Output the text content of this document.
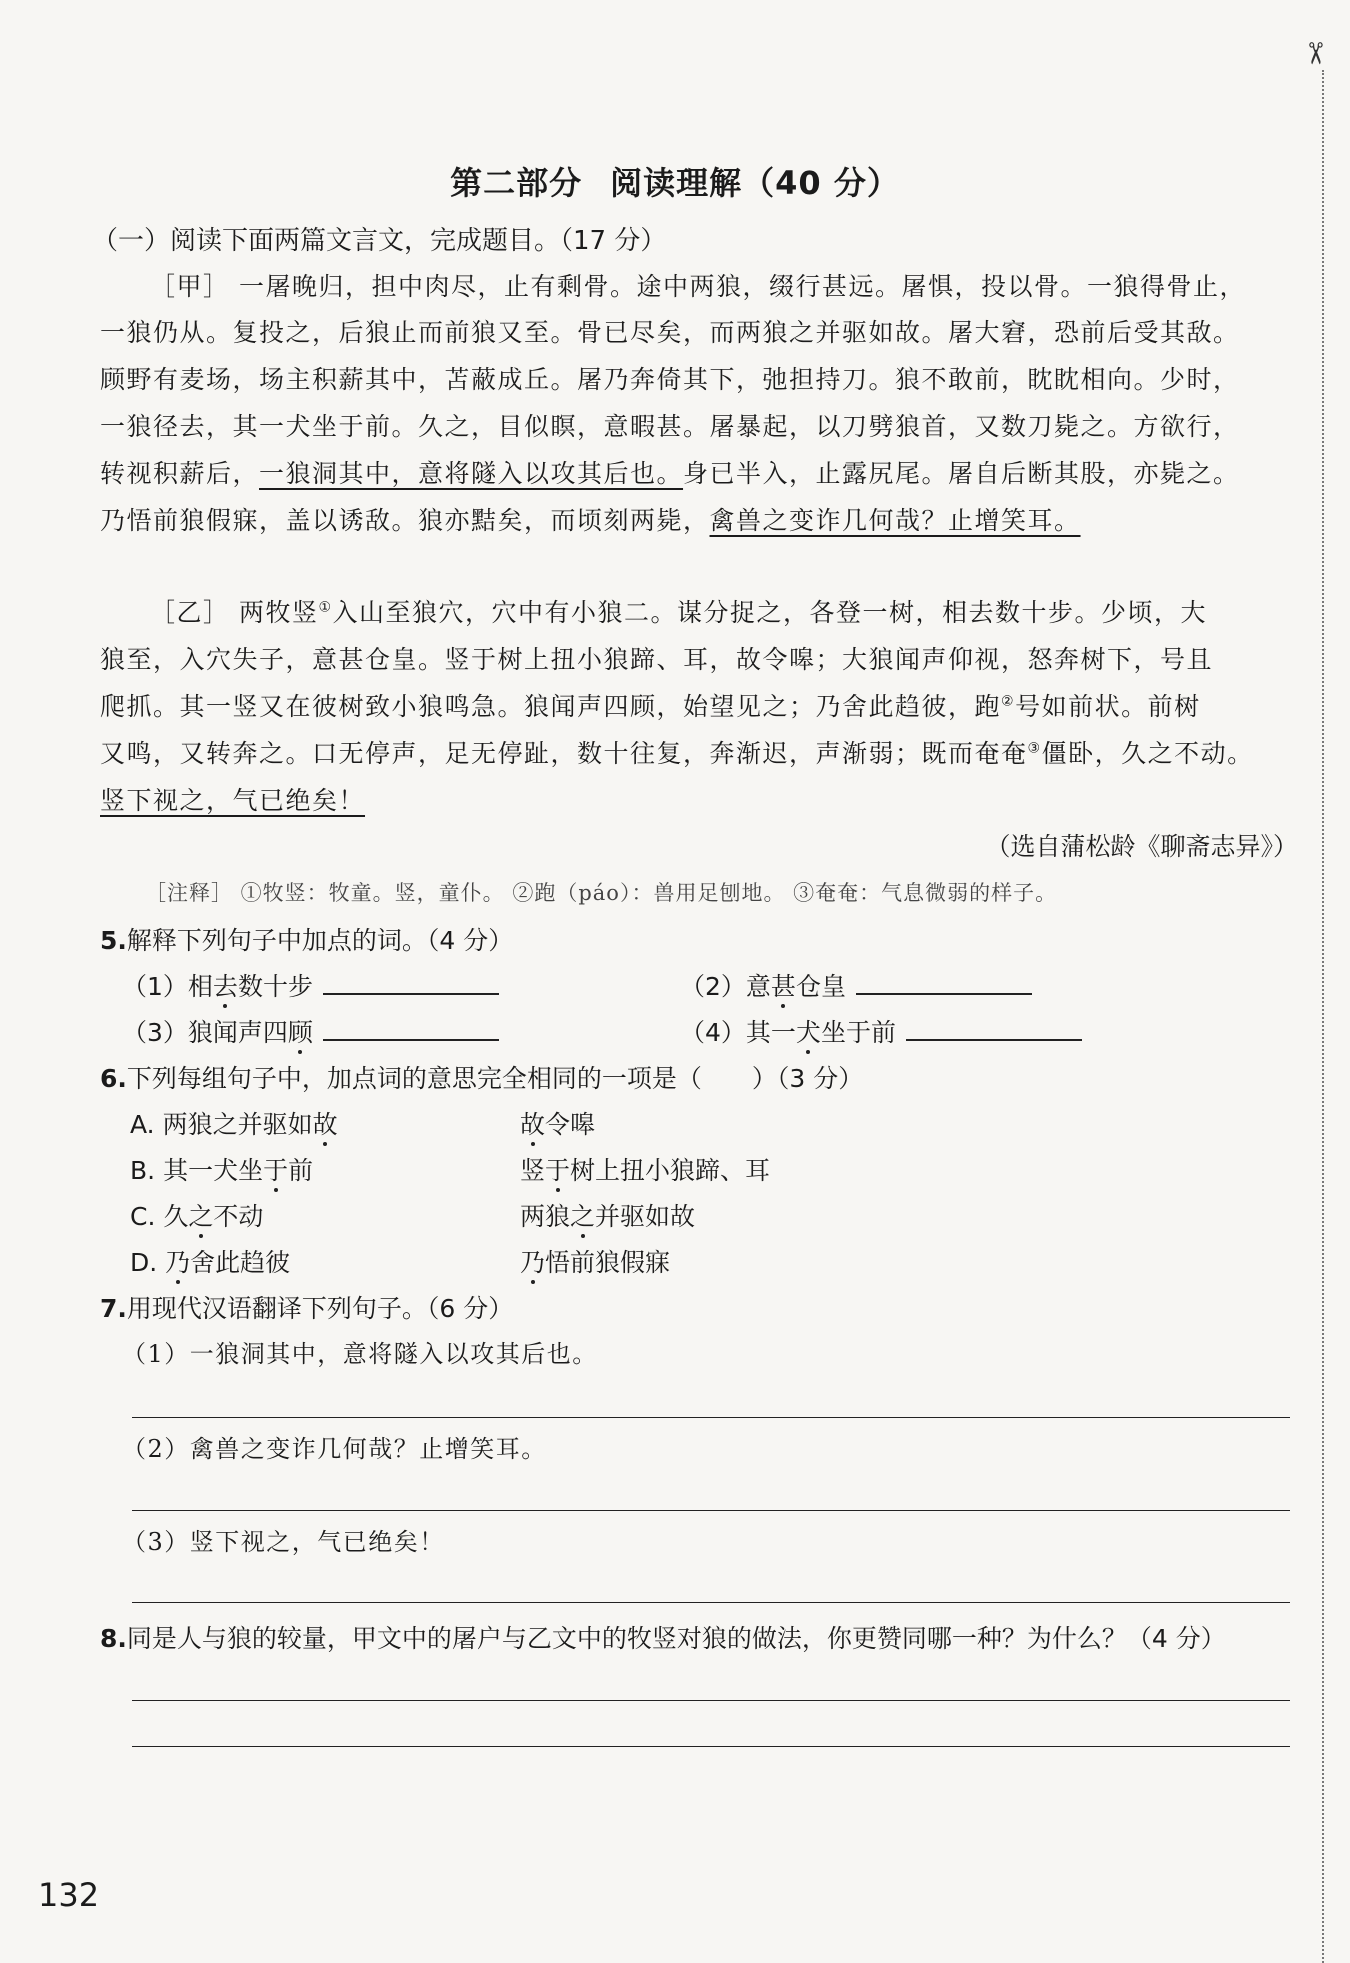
✂
第二部分 阅读理解（40 分）
（一）阅读下面两篇文言文，完成题目。（17 分）
［甲］ 一屠晚归，担中肉尽，止有剩骨。途中两狼，缀行甚远。屠惧，投以骨。一狼得骨止，
一狼仍从。复投之，后狼止而前狼又至。骨已尽矣，而两狼之并驱如故。屠大窘，恐前后受其敌。
顾野有麦场，场主积薪其中，苫蔽成丘。屠乃奔倚其下，弛担持刀。狼不敢前，眈眈相向。少时，
一狼径去，其一犬坐于前。久之，目似瞑，意暇甚。屠暴起，以刀劈狼首，又数刀毙之。方欲行，
转视积薪后，一狼洞其中，意将隧入以攻其后也。身已半入，止露尻尾。屠自后断其股，亦毙之。
乃悟前狼假寐，盖以诱敌。狼亦黠矣，而顷刻两毙，禽兽之变诈几何哉？止增笑耳。
［乙］ 两牧竖①入山至狼穴，穴中有小狼二。谋分捉之，各登一树，相去数十步。少顷，大
狼至，入穴失子，意甚仓皇。竖于树上扭小狼蹄、耳，故令嗥；大狼闻声仰视，怒奔树下，号且
爬抓。其一竖又在彼树致小狼鸣急。狼闻声四顾，始望见之；乃舍此趋彼，跑②号如前状。前树
又鸣，又转奔之。口无停声，足无停趾，数十往复，奔渐迟，声渐弱；既而奄奄③僵卧，久之不动。
竖下视之，气已绝矣！
（选自蒲松龄《聊斋志异》）
［注释］ ①牧竖：牧童。竖，童仆。 ②跑（páo）：兽用足刨地。 ③奄奄：气息微弱的样子。
5.解释下列句子中加点的词。（4 分）
（1）相去数十步	（2）意甚仓皇
（3）狼闻声四顾	（4）其一犬坐于前
6.下列每组句子中，加点词的意思完全相同的一项是（　　）（3 分）
A. 两狼之并驱如故	故令嗥
B. 其一犬坐于前	竖于树上扭小狼蹄、耳
C. 久之不动	两狼之并驱如故
D. 乃舍此趋彼	乃悟前狼假寐
7.用现代汉语翻译下列句子。（6 分）
（1）一狼洞其中，意将隧入以攻其后也。
（2）禽兽之变诈几何哉？止增笑耳。
（3）竖下视之，气已绝矣！
8.同是人与狼的较量，甲文中的屠户与乙文中的牧竖对狼的做法，你更赞同哪一种？为什么？（4 分）
132
